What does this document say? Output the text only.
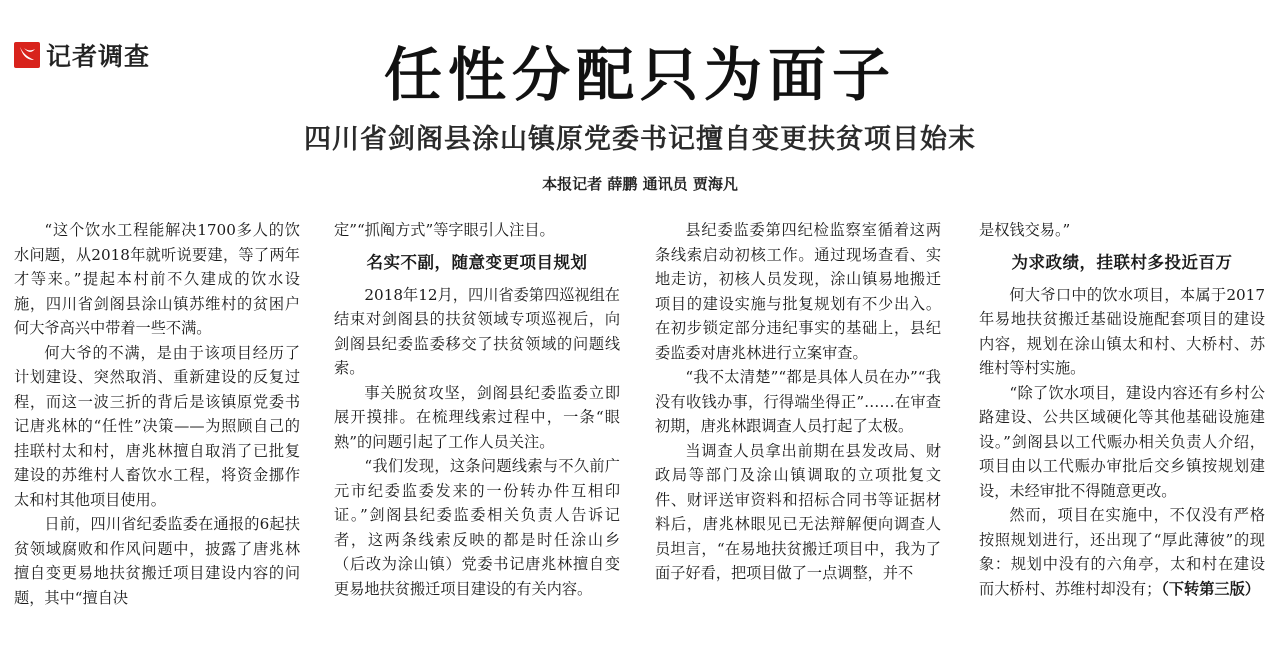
记者调查	任性分配只为面子
四川省剑阁县涂山镇原党委书记擅自变更扶贫项目始末
本报记者 薛鹏 通讯员 贾海凡

“这个饮水工程能解决1700多人的饮水问题，从2018年就听说要建，等了两年才等来。”提起本村前不久建成的饮水设施，四川省剑阁县涂山镇苏维村的贫困户何大爷高兴中带着一些不满。

何大爷的不满，是由于该项目经历了计划建设、突然取消、重新建设的反复过程，而这一波三折的背后是该镇原党委书记唐兆林的“任性”决策——为照顾自己的挂联村太和村，唐兆林擅自取消了已批复建设的苏维村人畜饮水工程，将资金挪作太和村其他项目使用。

日前，四川省纪委监委在通报的6起扶贫领域腐败和作风问题中，披露了唐兆林擅自变更易地扶贫搬迁项目建设内容的问题，其中“擅自决

定”“抓阄方式”等字眼引人注目。

名实不副，随意变更项目规划

2018年12月，四川省委第四巡视组在结束对剑阁县的扶贫领域专项巡视后，向剑阁县纪委监委移交了扶贫领域的问题线索。

事关脱贫攻坚，剑阁县纪委监委立即展开摸排。在梳理线索过程中，一条“眼熟”的问题引起了工作人员关注。

“我们发现，这条问题线索与不久前广元市纪委监委发来的一份转办件互相印证。”剑阁县纪委监委相关负责人告诉记者，这两条线索反映的都是时任涂山乡（后改为涂山镇）党委书记唐兆林擅自变更易地扶贫搬迁项目建设的有关内容。

县纪委监委第四纪检监察室循着这两条线索启动初核工作。通过现场查看、实地走访，初核人员发现，涂山镇易地搬迁项目的建设实施与批复规划有不少出入。在初步锁定部分违纪事实的基础上，县纪委监委对唐兆林进行立案审查。

“我不太清楚”“都是具体人员在办”“我没有收钱办事，行得端坐得正”……在审查初期，唐兆林跟调查人员打起了太极。

当调查人员拿出前期在县发改局、财政局等部门及涂山镇调取的立项批复文件、财评送审资料和招标合同书等证据材料后，唐兆林眼见已无法辩解便向调查人员坦言，“在易地扶贫搬迁项目中，我为了面子好看，把项目做了一点调整，并不

是权钱交易。”

为求政绩，挂联村多投近百万

何大爷口中的饮水项目，本属于2017年易地扶贫搬迁基础设施配套项目的建设内容，规划在涂山镇太和村、大桥村、苏维村等村实施。

“除了饮水项目，建设内容还有乡村公路建设、公共区域硬化等其他基础设施建设。”剑阁县以工代赈办相关负责人介绍，项目由以工代赈办审批后交乡镇按规划建设，未经审批不得随意更改。

然而，项目在实施中，不仅没有严格按照规划进行，还出现了“厚此薄彼”的现象：规划中没有的六角亭，太和村在建设而大桥村、苏维村却没有；（下转第三版）
